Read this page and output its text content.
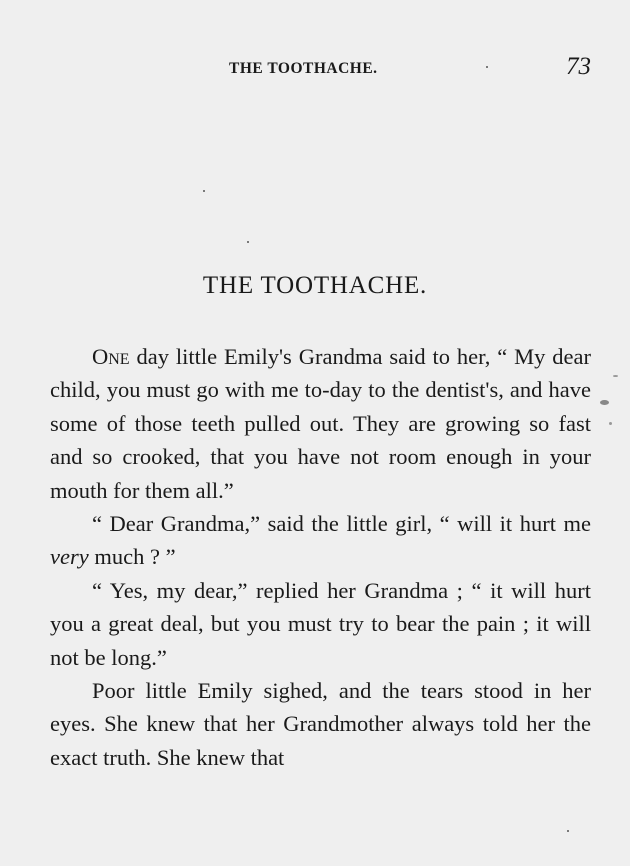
THE TOOTHACHE.	73
THE TOOTHACHE.

One day little Emily's Grandma said to her, “ My dear child, you must go with me to-day to the dentist's, and have some of those teeth pulled out. They are growing so fast and so crooked, that you have not room enough in your mouth for them all.”

“ Dear Grandma,” said the little girl, “ will it hurt me very much ? ”

“ Yes, my dear,” replied her Grandma ; “ it will hurt you a great deal, but you must try to bear the pain ; it will not be long.”

Poor little Emily sighed, and the tears stood in her eyes. She knew that her Grandmother always told her the exact truth. She knew that
